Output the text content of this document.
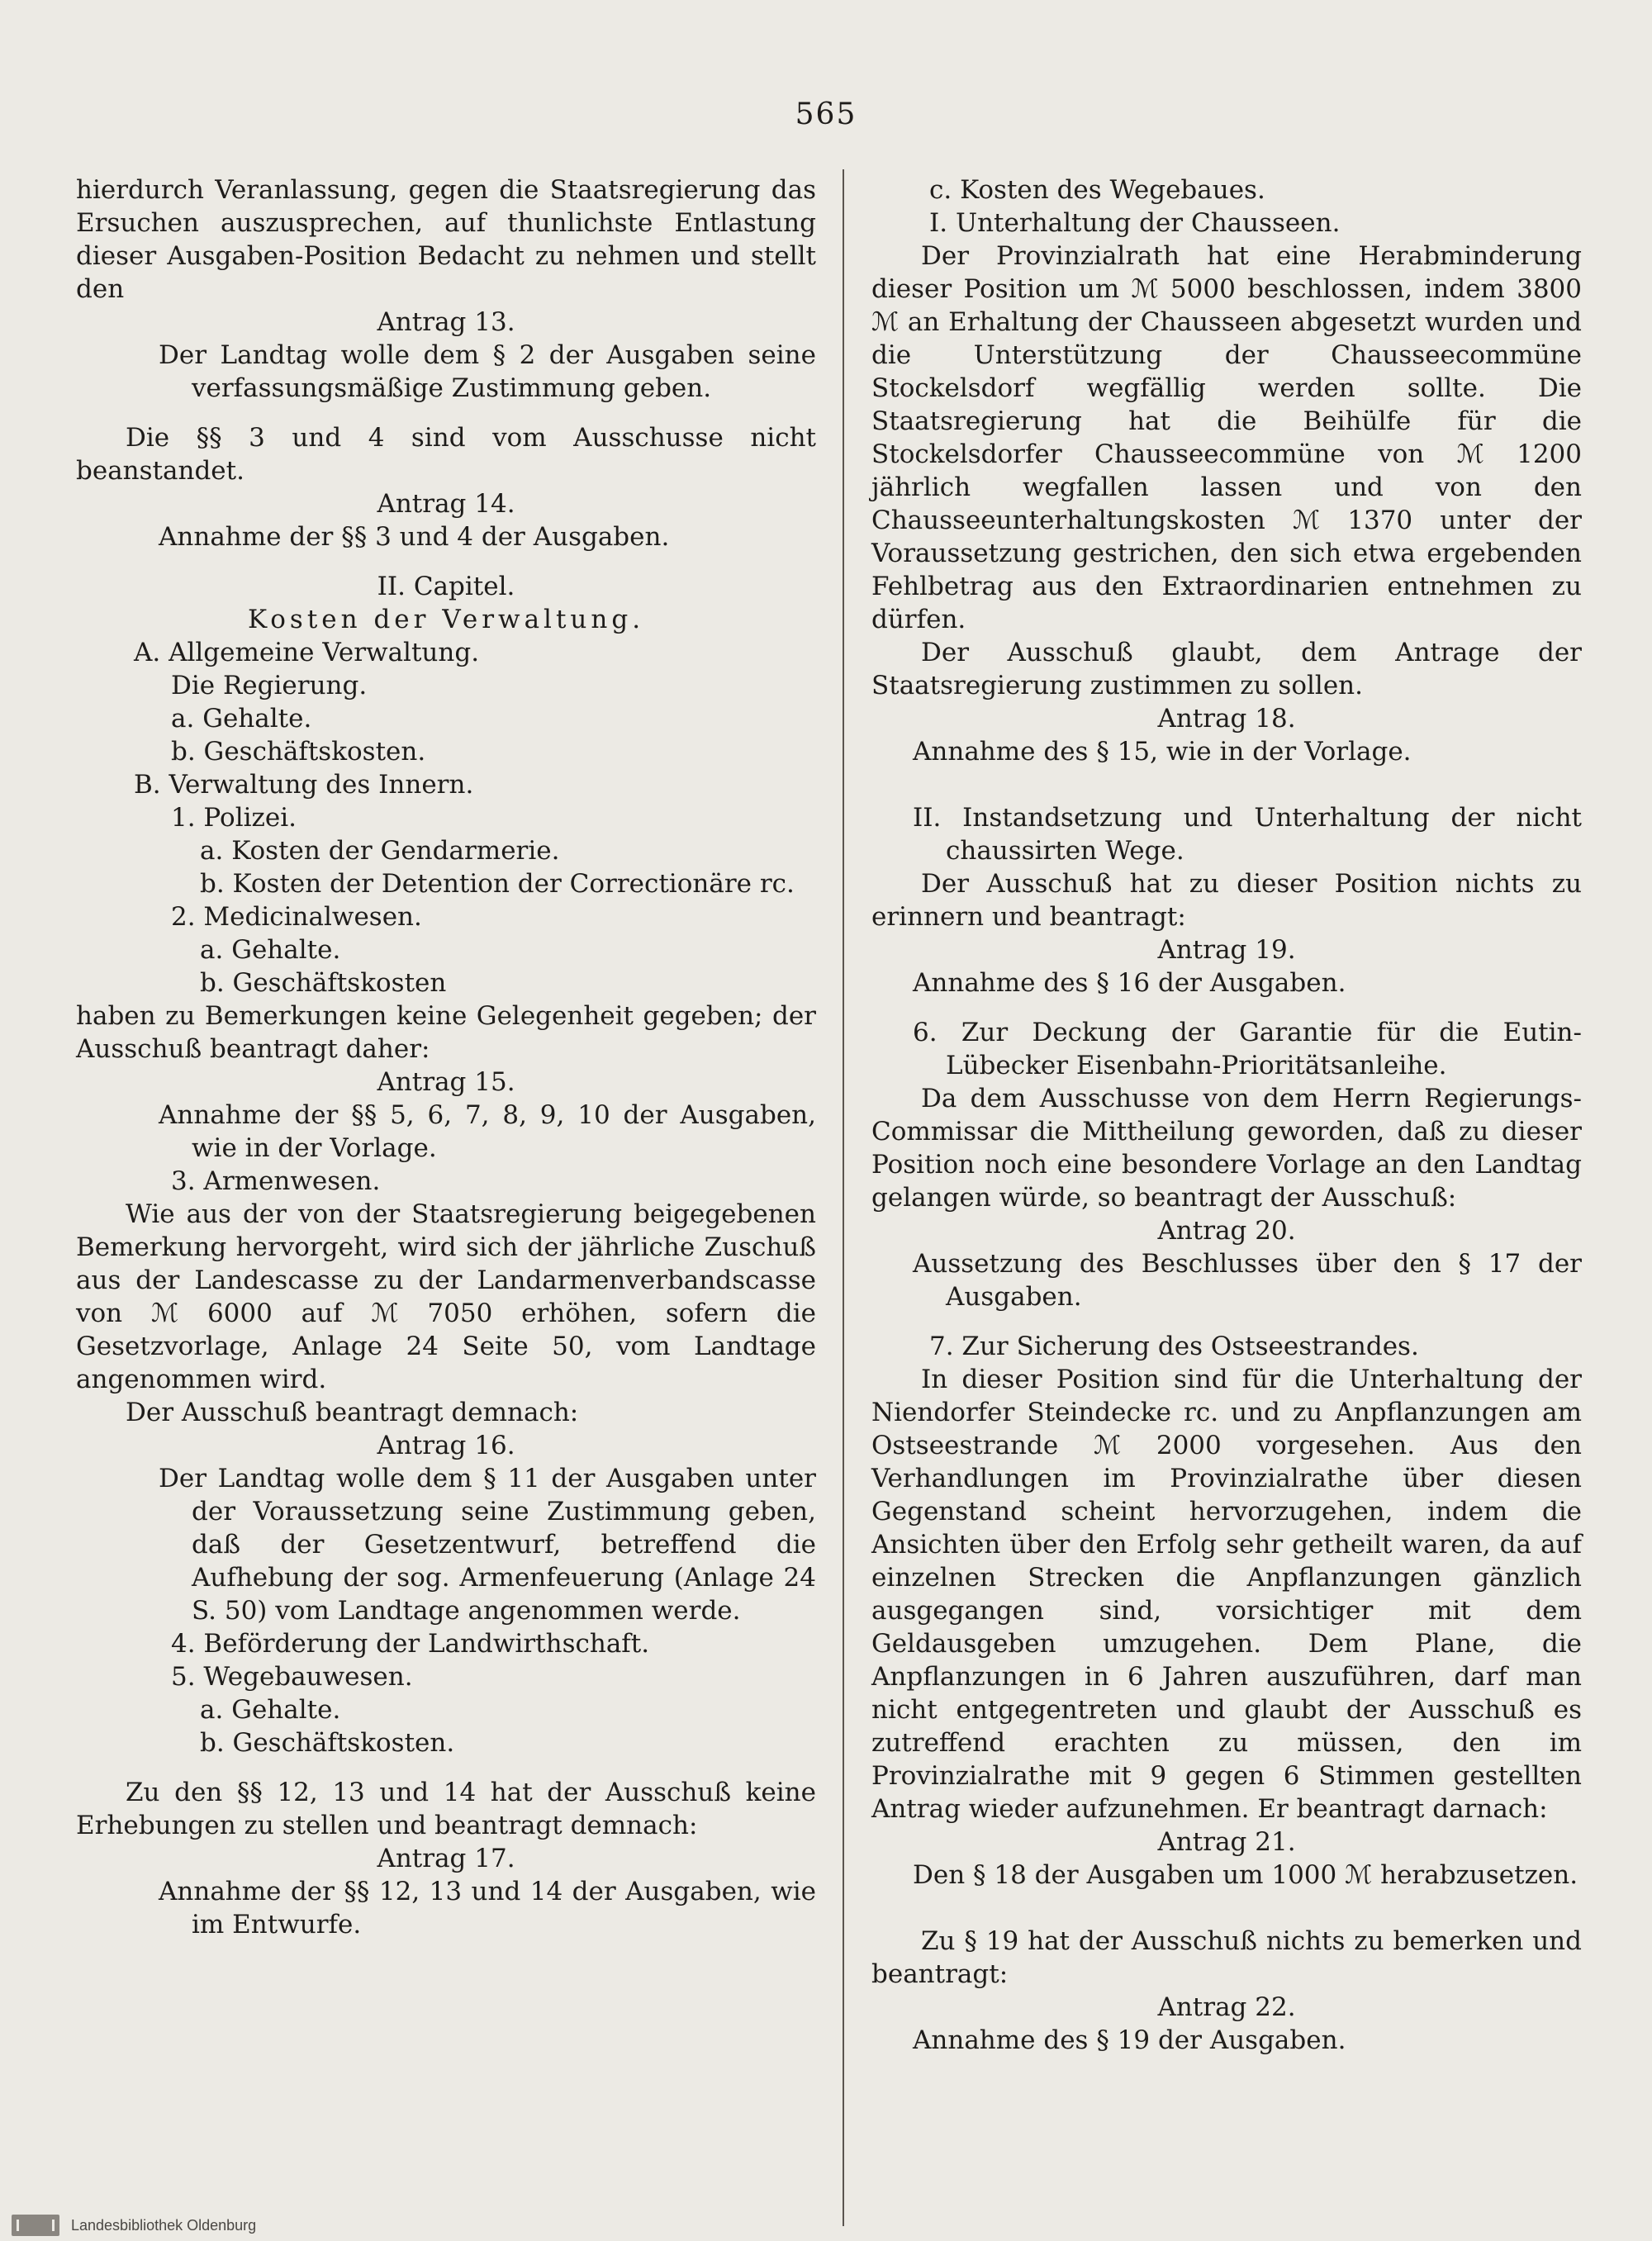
565

hierdurch Veranlassung, gegen die Staatsregierung das Ersuchen auszusprechen, auf thunlichste Entlastung dieser Ausgaben-Position Bedacht zu nehmen und stellt den

Antrag 13.

Der Landtag wolle dem § 2 der Ausgaben seine verfassungsmäßige Zustimmung geben.

Die §§ 3 und 4 sind vom Ausschusse nicht beanstandet.

Antrag 14.

Annahme der §§ 3 und 4 der Ausgaben.

II. Capitel.

Kosten der Verwaltung.

A. Allgemeine Verwaltung.

Die Regierung.

a. Gehalte.

b. Geschäftskosten.

B. Verwaltung des Innern.

1. Polizei.

a. Kosten der Gendarmerie.

b. Kosten der Detention der Correctionäre rc.

2. Medicinalwesen.

a. Gehalte.

b. Geschäftskosten

haben zu Bemerkungen keine Gelegenheit gegeben; der Ausschuß beantragt daher:

Antrag 15.

Annahme der §§ 5, 6, 7, 8, 9, 10 der Ausgaben, wie in der Vorlage.

3. Armenwesen.

Wie aus der von der Staatsregierung beigegebenen Bemerkung hervorgeht, wird sich der jährliche Zuschuß aus der Landescasse zu der Landarmenverbandscasse von ℳ 6000 auf ℳ 7050 erhöhen, sofern die Gesetzvorlage, Anlage 24 Seite 50, vom Landtage angenommen wird.

Der Ausschuß beantragt demnach:

Antrag 16.

Der Landtag wolle dem § 11 der Ausgaben unter der Voraussetzung seine Zustimmung geben, daß der Gesetzentwurf, betreffend die Aufhebung der sog. Armenfeuerung (Anlage 24 S. 50) vom Landtage angenommen werde.

4. Beförderung der Landwirthschaft.

5. Wegebauwesen.

a. Gehalte.

b. Geschäftskosten.

Zu den §§ 12, 13 und 14 hat der Ausschuß keine Erhebungen zu stellen und beantragt demnach:

Antrag 17.

Annahme der §§ 12, 13 und 14 der Ausgaben, wie im Entwurfe.

c. Kosten des Wegebaues.

I. Unterhaltung der Chausseen.

Der Provinzialrath hat eine Herabminderung dieser Position um ℳ 5000 beschlossen, indem 3800 ℳ an Erhaltung der Chausseen abgesetzt wurden und die Unterstützung der Chausseecommüne Stockelsdorf wegfällig werden sollte. Die Staatsregierung hat die Beihülfe für die Stockelsdorfer Chausseecommüne von ℳ 1200 jährlich wegfallen lassen und von den Chausseeunterhaltungskosten ℳ 1370 unter der Voraussetzung gestrichen, den sich etwa ergebenden Fehlbetrag aus den Extraordinarien entnehmen zu dürfen.

Der Ausschuß glaubt, dem Antrage der Staatsregierung zustimmen zu sollen.

Antrag 18.

Annahme des § 15, wie in der Vorlage.

II. Instandsetzung und Unterhaltung der nicht chaussirten Wege.

Der Ausschuß hat zu dieser Position nichts zu erinnern und beantragt:

Antrag 19.

Annahme des § 16 der Ausgaben.

6. Zur Deckung der Garantie für die Eutin-Lübecker Eisenbahn-Prioritätsanleihe.

Da dem Ausschusse von dem Herrn Regierungs-Commissar die Mittheilung geworden, daß zu dieser Position noch eine besondere Vorlage an den Landtag gelangen würde, so beantragt der Ausschuß:

Antrag 20.

Aussetzung des Beschlusses über den § 17 der Ausgaben.

7. Zur Sicherung des Ostseestrandes.

In dieser Position sind für die Unterhaltung der Niendorfer Steindecke rc. und zu Anpflanzungen am Ostseestrande ℳ 2000 vorgesehen. Aus den Verhandlungen im Provinzialrathe über diesen Gegenstand scheint hervorzugehen, indem die Ansichten über den Erfolg sehr getheilt waren, da auf einzelnen Strecken die Anpflanzungen gänzlich ausgegangen sind, vorsichtiger mit dem Geldausgeben umzugehen. Dem Plane, die Anpflanzungen in 6 Jahren auszuführen, darf man nicht entgegentreten und glaubt der Ausschuß es zutreffend erachten zu müssen, den im Provinzialrathe mit 9 gegen 6 Stimmen gestellten Antrag wieder aufzunehmen. Er beantragt darnach:

Antrag 21.

Den § 18 der Ausgaben um 1000 ℳ herabzusetzen.

Zu § 19 hat der Ausschuß nichts zu bemerken und beantragt:

Antrag 22.

Annahme des § 19 der Ausgaben.

Landesbibliothek Oldenburg
